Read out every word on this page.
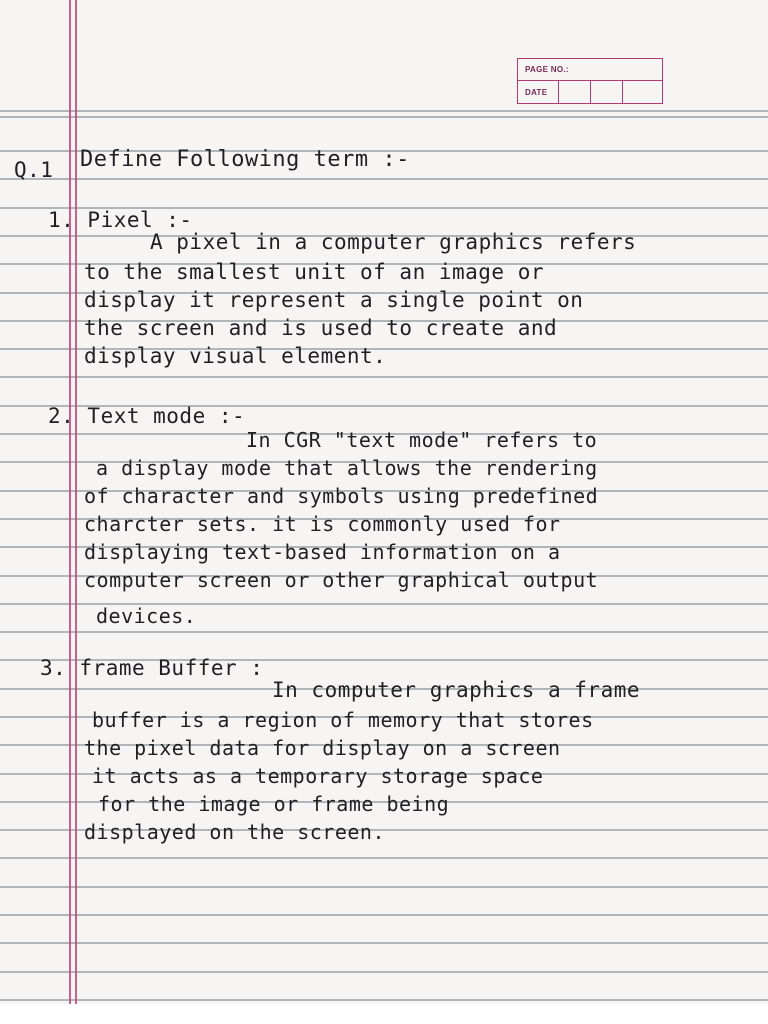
PAGE NO.:
DATE
Q.1 Define Following term :-
1. Pixel :-
A pixel in a computer graphics refers
to the smallest unit of an image or
display it represent a single point on
the screen and is used to create and
display visual element.
2. Text mode :-
In CGR "text mode" refers to
a display mode that allows the rendering
of character and symbols using predefined
charcter sets. it is commonly used for
displaying text-based information on a
computer screen or other graphical output
devices.
3. frame Buffer :
In computer graphics a frame
buffer is a region of memory that stores
the pixel data for display on a screen
it acts as a temporary storage space
for the image or frame being
displayed on the screen.
